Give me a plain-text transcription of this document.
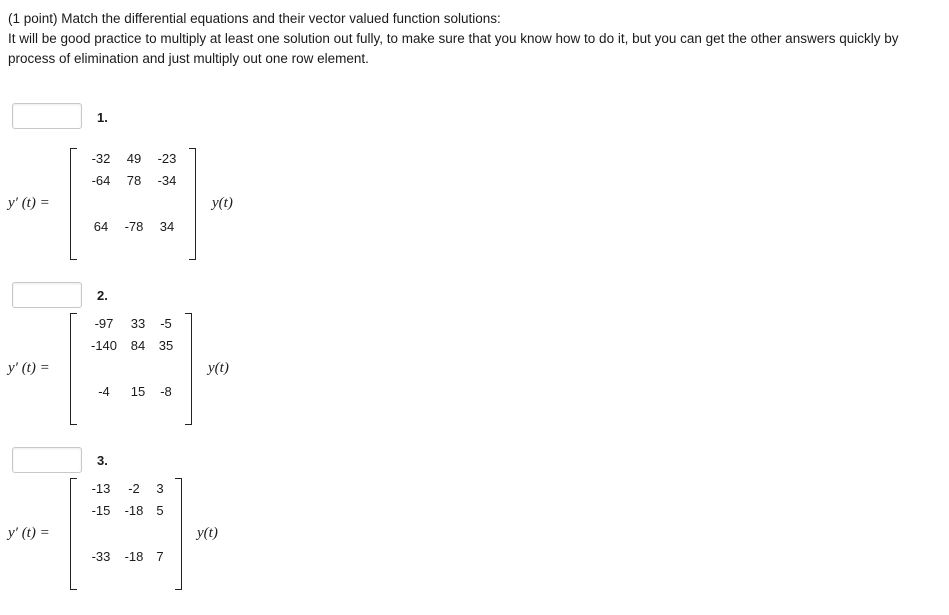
(1 point) Match the differential equations and their vector valued function solutions:
It will be good practice to multiply at least one solution out fully, to make sure that you know how to do it, but you can get the other answers quickly by
process of elimination and just multiply out one row element.
1.
y′ (t) =
-32	49	-23
-64	78	-34
64	-78	34
y(t)
2.
y′ (t) =
-97	33	-5
-140	84	35
-4	15	-8
y(t)
3.
y′ (t) =
-13	-2	3
-15	-18 5
-33	-18 7
y(t)
